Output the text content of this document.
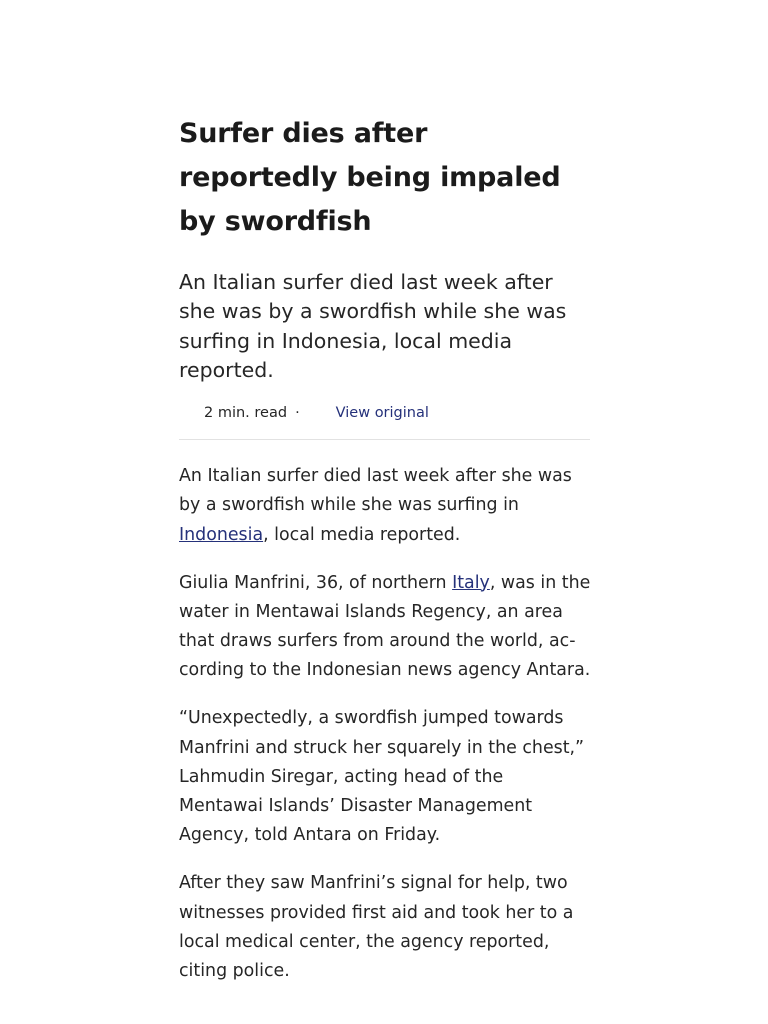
Surfer dies after reportedly being impaled by swordfish

An Italian surfer died last week after she was by a swordfish while she was surfing in Indonesia, local media reported.

2 min. read · View original

An Italian surfer died last week after she was by a swordfish while she was surfing in Indonesia, local media reported.

Giulia Manfrini, 36, of northern Italy, was in the water in Mentawai Islands Regency, an area that draws surfers from around the world, according to the Indonesian news agency Antara.

“Unexpectedly, a swordfish jumped towards Manfrini and struck her squarely in the chest,” Lahmudin Siregar, acting head of the Mentawai Islands’ Disaster Management Agency, told Antara on Friday.

After they saw Manfrini’s signal for help, two witnesses provided first aid and took her to a local medical center, the agency reported, citing police.
